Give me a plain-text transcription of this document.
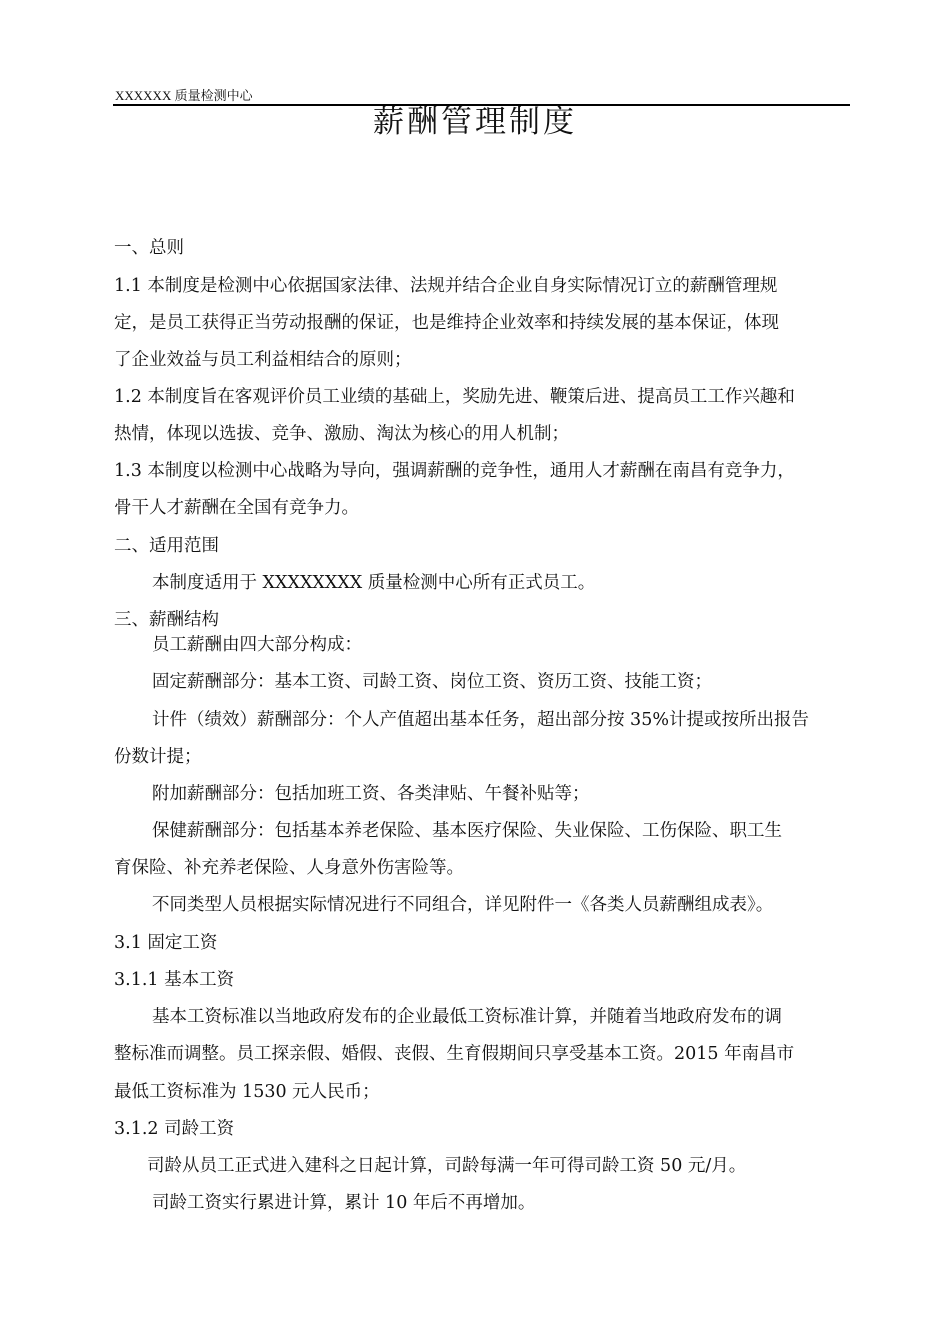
XXXXXX 质量检测中心
薪酬管理制度
一、总则
1.1 本制度是检测中心依据国家法律、法规并结合企业自身实际情况订立的薪酬管理规
定，是员工获得正当劳动报酬的保证，也是维持企业效率和持续发展的基本保证，体现
了企业效益与员工利益相结合的原则；
1.2 本制度旨在客观评价员工业绩的基础上，奖励先进、鞭策后进、提高员工工作兴趣和
热情，体现以选拔、竞争、激励、淘汰为核心的用人机制；
1.3 本制度以检测中心战略为导向，强调薪酬的竞争性，通用人才薪酬在南昌有竞争力，
骨干人才薪酬在全国有竞争力。
二、适用范围
本制度适用于 XXXXXXXX 质量检测中心所有正式员工。
三、薪酬结构
员工薪酬由四大部分构成：
固定薪酬部分：基本工资、司龄工资、岗位工资、资历工资、技能工资；
计件（绩效）薪酬部分：个人产值超出基本任务，超出部分按 35%计提或按所出报告
份数计提；
附加薪酬部分：包括加班工资、各类津贴、午餐补贴等；
保健薪酬部分：包括基本养老保险、基本医疗保险、失业保险、工伤保险、职工生
育保险、补充养老保险、人身意外伤害险等。
不同类型人员根据实际情况进行不同组合，详见附件一《各类人员薪酬组成表》。
3.1 固定工资
3.1.1 基本工资
基本工资标准以当地政府发布的企业最低工资标准计算，并随着当地政府发布的调
整标准而调整。员工探亲假、婚假、丧假、生育假期间只享受基本工资。2015 年南昌市
最低工资标准为 1530 元人民币；
3.1.2 司龄工资
司龄从员工正式进入建科之日起计算，司龄每满一年可得司龄工资 50 元/月。
司龄工资实行累进计算，累计 10 年后不再增加。
